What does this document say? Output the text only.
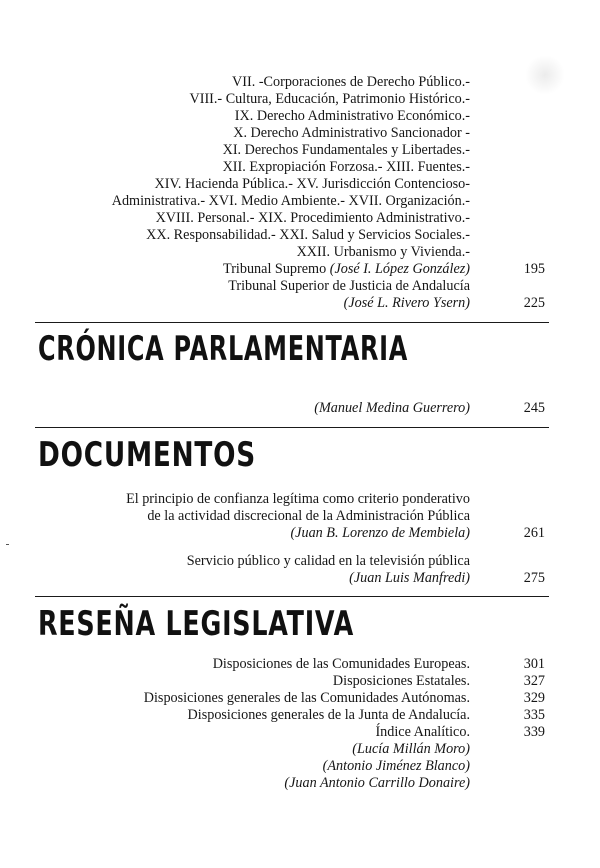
VII. -Corporaciones de Derecho Público.-

VIII.- Cultura, Educación, Patrimonio Histórico.-

IX. Derecho Administrativo Económico.-

X. Derecho Administrativo Sancionador -

XI. Derechos Fundamentales y Libertades.-

XII. Expropiación Forzosa.- XIII. Fuentes.-

XIV. Hacienda Pública.- XV. Jurisdicción Contencioso-

Administrativa.- XVI. Medio Ambiente.- XVII. Organización.-

XVIII. Personal.- XIX. Procedimiento Administrativo.-

XX. Responsabilidad.- XXI. Salud y Servicios Sociales.-

XXII. Urbanismo y Vivienda.-

Tribunal Supremo (José I. López González)	195

Tribunal Superior de Justicia de Andalucía

(José L. Rivero Ysern)	225

CRÓNICA PARLAMENTARIA

(Manuel Medina Guerrero)	245

DOCUMENTOS

El principio de confianza legítima como criterio ponderativo

de la actividad discrecional de la Administración Pública

(Juan B. Lorenzo de Membiela)	261

Servicio público y calidad en la televisión pública

(Juan Luis Manfredi)	275

RESEÑA LEGISLATIVA

Disposiciones de las Comunidades Europeas.	301

Disposiciones Estatales.	327

Disposiciones generales de las Comunidades Autónomas.	329

Disposiciones generales de la Junta de Andalucía.	335

Índice Analítico.	339

(Lucía Millán Moro)

(Antonio Jiménez Blanco)

(Juan Antonio Carrillo Donaire)
